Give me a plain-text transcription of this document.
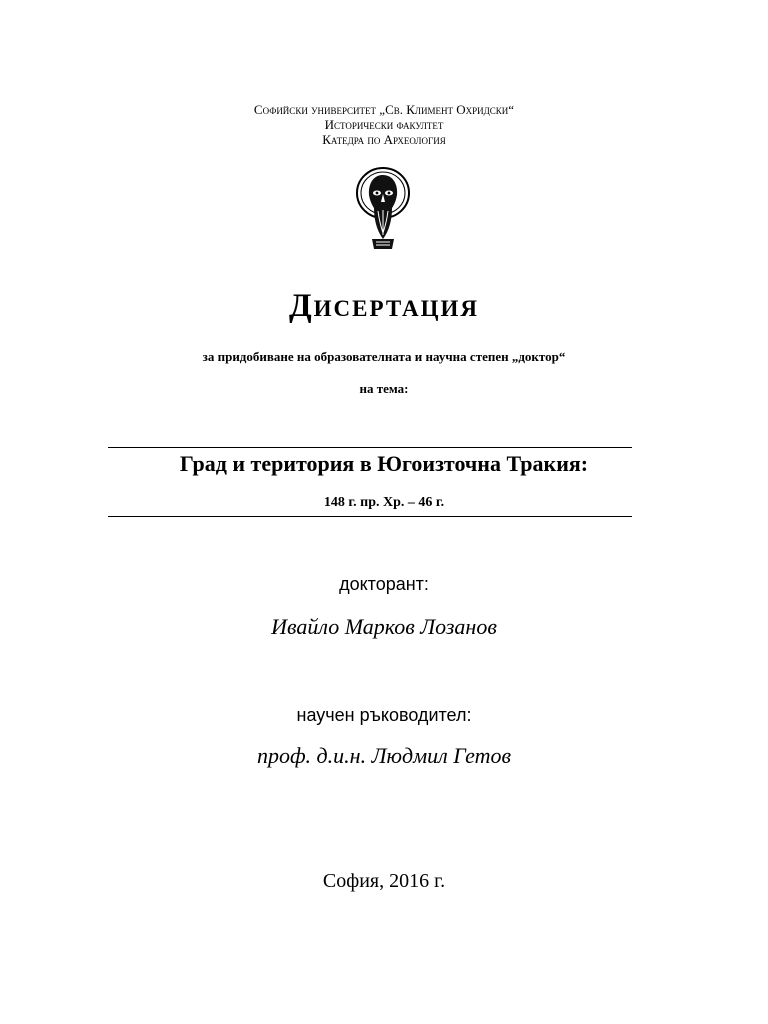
Софийски университет „Св. Климент Охридски“
Исторически факултет
Катедра по Археология
Дисертация
за придобиване на образователната и научна степен „доктор“
на тема:
Град и територия в Югоизточна Тракия:
148 г. пр. Хр. – 46 г.
докторант:
Ивайло Марков Лозанов
научен ръководител:
проф. д.и.н. Людмил Гетов
София, 2016 г.
